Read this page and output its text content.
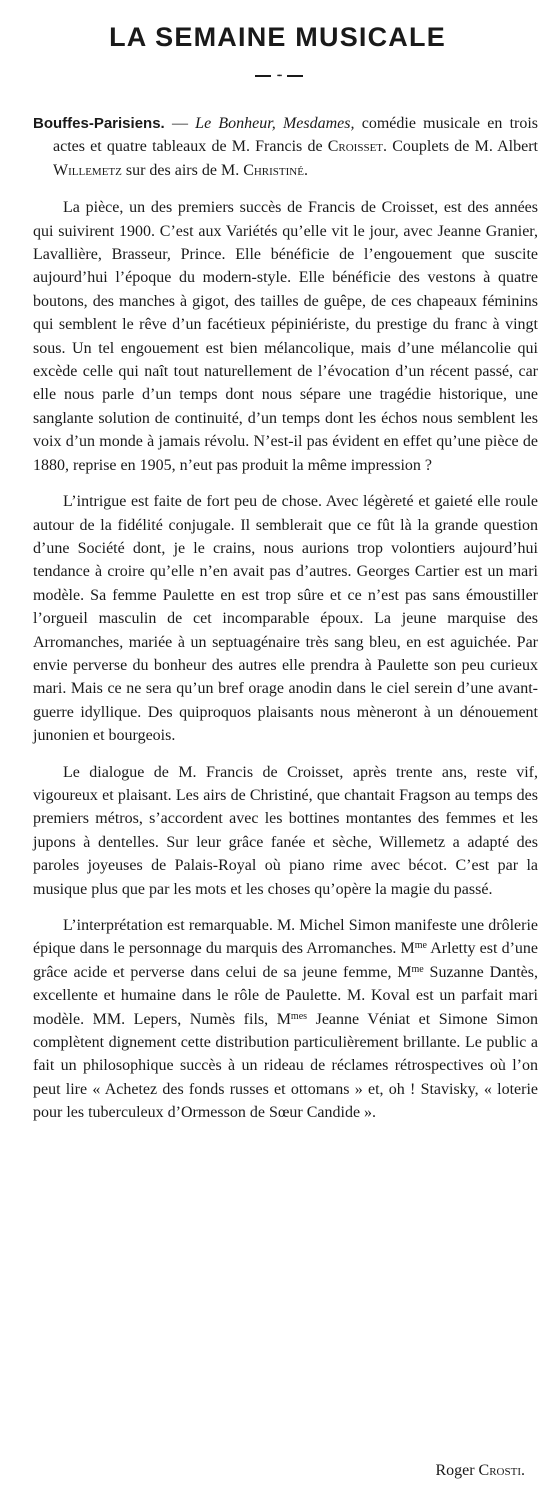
LA SEMAINE MUSICALE
•••

Bouffes-Parisiens. — Le Bonheur, Mesdames, comédie musicale en trois actes et quatre tableaux de M. Francis de Croisset. Couplets de M. Albert Willemetz sur des airs de M. Christiné.

La pièce, un des premiers succès de Francis de Croisset, est des années qui suivirent 1900. C’est aux Variétés qu’elle vit le jour, avec Jeanne Granier, Lavallière, Brasseur, Prince. Elle bénéficie de l’engouement que suscite aujourd’hui l’époque du modern-style. Elle bénéficie des vestons à quatre boutons, des manches à gigot, des tailles de guêpe, de ces chapeaux féminins qui semblent le rêve d’un facétieux pépiniériste, du prestige du franc à vingt sous. Un tel engouement est bien mélancolique, mais d’une mélancolie qui excède celle qui naît tout naturellement de l’évocation d’un récent passé, car elle nous parle d’un temps dont nous sépare une tragédie historique, une sanglante solution de continuité, d’un temps dont les échos nous semblent les voix d’un monde à jamais révolu. N’est-il pas évident en effet qu’une pièce de 1880, reprise en 1905, n’eut pas produit la même impression ?

L’intrigue est faite de fort peu de chose. Avec légèreté et gaieté elle roule autour de la fidélité conjugale. Il semblerait que ce fût là la grande question d’une Société dont, je le crains, nous aurions trop volontiers aujourd’hui tendance à croire qu’elle n’en avait pas d’autres. Georges Cartier est un mari modèle. Sa femme Paulette en est trop sûre et ce n’est pas sans émoustiller l’orgueil masculin de cet incomparable époux. La jeune marquise des Arromanches, mariée à un septuagénaire très sang bleu, en est aguichée. Par envie perverse du bonheur des autres elle prendra à Paulette son peu curieux mari. Mais ce ne sera qu’un bref orage anodin dans le ciel serein d’une avant-guerre idyllique. Des quiproquos plaisants nous mèneront à un dénouement junonien et bourgeois.

Le dialogue de M. Francis de Croisset, après trente ans, reste vif, vigoureux et plaisant. Les airs de Christiné, que chantait Fragson au temps des premiers métros, s’accordent avec les bottines montantes des femmes et les jupons à dentelles. Sur leur grâce fanée et sèche, Willemetz a adapté des paroles joyeuses de Palais-Royal où piano rime avec bécot. C’est par la musique plus que par les mots et les choses qu’opère la magie du passé.

L’interprétation est remarquable. M. Michel Simon manifeste une drôlerie épique dans le personnage du marquis des Arromanches. $M^{me}$ Arletty est d’une grâce acide et perverse dans celui de sa jeune femme, $M^{me}$ Suzanne Dantès, excellente et humaine dans le rôle de Paulette. M. Koval est un parfait mari modèle. MM. Lepers, Numès fils, $M^{mes}$ Jeanne Véniat et Simone Simon complètent dignement cette distribution particulièrement brillante. Le public a fait un philosophique succès à un rideau de réclames rétrospectives où l’on peut lire « Achetez des fonds russes et ottomans » et, oh ! Stavisky, « loterie pour les tuberculeux d’Ormesson de Sœur Candide ».

Roger Crosti.
